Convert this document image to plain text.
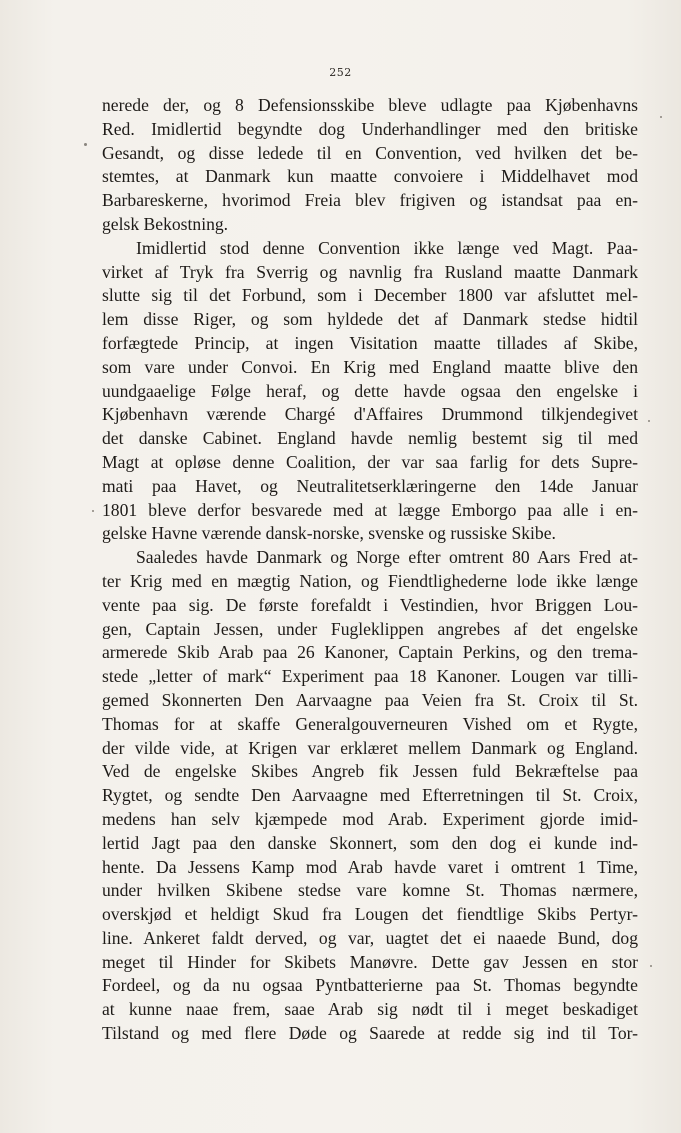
252
nerede der, og 8 Defensionsskibe bleve udlagte paa Kjøbenhavns
Red. Imidlertid begyndte dog Underhandlinger med den britiske
Gesandt, og disse ledede til en Convention, ved hvilken det be-
stemtes, at Danmark kun maatte convoiere i Middelhavet mod
Barbareskerne, hvorimod Freia blev frigiven og istandsat paa en-
gelsk Bekostning.
Imidlertid stod denne Convention ikke længe ved Magt. Paa-
virket af Tryk fra Sverrig og navnlig fra Rusland maatte Danmark
slutte sig til det Forbund, som i December 1800 var afsluttet mel-
lem disse Riger, og som hyldede det af Danmark stedse hidtil
forfægtede Princip, at ingen Visitation maatte tillades af Skibe,
som vare under Convoi. En Krig med England maatte blive den
uundgaaelige Følge heraf, og dette havde ogsaa den engelske i
Kjøbenhavn værende Chargé d'Affaires Drummond tilkjendegivet
det danske Cabinet. England havde nemlig bestemt sig til med
Magt at opløse denne Coalition, der var saa farlig for dets Supre-
mati paa Havet, og Neutralitetserklæringerne den 14de Januar
1801 bleve derfor besvarede med at lægge Emborgo paa alle i en-
gelske Havne værende dansk-norske, svenske og russiske Skibe.
Saaledes havde Danmark og Norge efter omtrent 80 Aars Fred at-
ter Krig med en mægtig Nation, og Fiendtlighederne lode ikke længe
vente paa sig. De første forefaldt i Vestindien, hvor Briggen Lou-
gen, Captain Jessen, under Fugleklippen angrebes af det engelske
armerede Skib Arab paa 26 Kanoner, Captain Perkins, og den trema-
stede „letter of mark“ Experiment paa 18 Kanoner. Lougen var tilli-
gemed Skonnerten Den Aarvaagne paa Veien fra St. Croix til St.
Thomas for at skaffe Generalgouverneuren Vished om et Rygte,
der vilde vide, at Krigen var erklæret mellem Danmark og England.
Ved de engelske Skibes Angreb fik Jessen fuld Bekræftelse paa
Rygtet, og sendte Den Aarvaagne med Efterretningen til St. Croix,
medens han selv kjæmpede mod Arab. Experiment gjorde imid-
lertid Jagt paa den danske Skonnert, som den dog ei kunde ind-
hente. Da Jessens Kamp mod Arab havde varet i omtrent 1 Time,
under hvilken Skibene stedse vare komne St. Thomas nærmere,
overskjød et heldigt Skud fra Lougen det fiendtlige Skibs Pertyr-
line. Ankeret faldt derved, og var, uagtet det ei naaede Bund, dog
meget til Hinder for Skibets Manøvre. Dette gav Jessen en stor
Fordeel, og da nu ogsaa Pyntbatterierne paa St. Thomas begyndte
at kunne naae frem, saae Arab sig nødt til i meget beskadiget
Tilstand og med flere Døde og Saarede at redde sig ind til Tor-
